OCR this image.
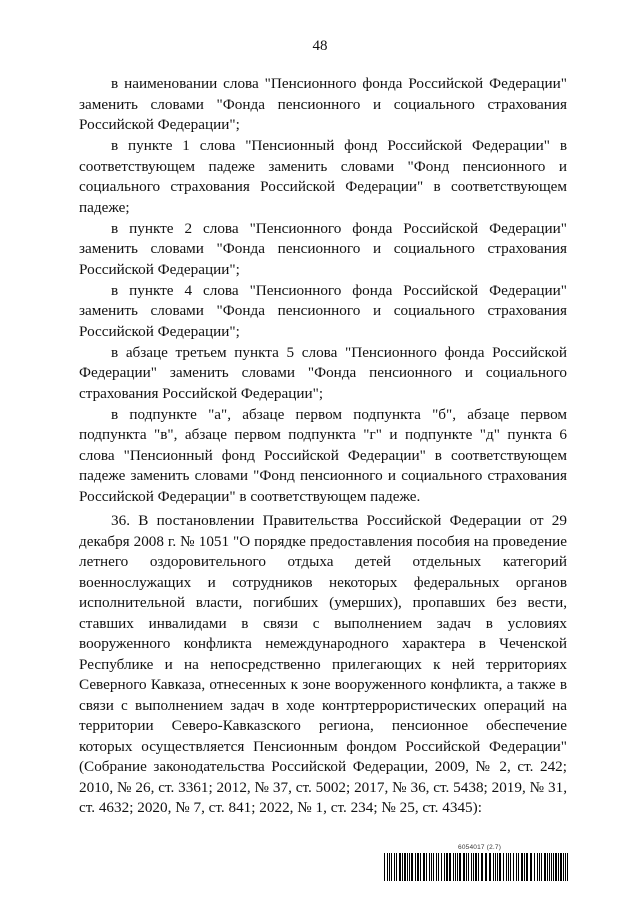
48

в наименовании слова "Пенсионного фонда Российской Федерации" заменить словами "Фонда пенсионного и социального страхования Российской Федерации";

в пункте 1 слова "Пенсионный фонд Российской Федерации" в соответствующем падеже заменить словами "Фонд пенсионного и социального страхования Российской Федерации" в соответствующем падеже;

в пункте 2 слова "Пенсионного фонда Российской Федерации" заменить словами "Фонда пенсионного и социального страхования Российской Федерации";

в пункте 4 слова "Пенсионного фонда Российской Федерации" заменить словами "Фонда пенсионного и социального страхования Российской Федерации";

в абзаце третьем пункта 5 слова "Пенсионного фонда Российской Федерации" заменить словами "Фонда пенсионного и социального страхования Российской Федерации";

в подпункте "а", абзаце первом подпункта "б", абзаце первом подпункта "в", абзаце первом подпункта "г" и подпункте "д" пункта 6 слова "Пенсионный фонд Российской Федерации" в соответствующем падеже заменить словами "Фонд пенсионного и социального страхования Российской Федерации" в соответствующем падеже.

36. В постановлении Правительства Российской Федерации от 29 декабря 2008 г. № 1051 "О порядке предоставления пособия на проведение летнего оздоровительного отдыха детей отдельных категорий военнослужащих и сотрудников некоторых федеральных органов исполнительной власти, погибших (умерших), пропавших без вести, ставших инвалидами в связи с выполнением задач в условиях вооруженного конфликта немеждународного характера в Чеченской Республике и на непосредственно прилегающих к ней территориях Северного Кавказа, отнесенных к зоне вооруженного конфликта, а также в связи с выполнением задач в ходе контртеррористических операций на территории Северо-Кавказского региона, пенсионное обеспечение которых осуществляется Пенсионным фондом Российской Федерации" (Собрание законодательства Российской Федерации, 2009, № 2, ст. 242; 2010, № 26, ст. 3361; 2012, № 37, ст. 5002; 2017, № 36, ст. 5438; 2019, № 31, ст. 4632; 2020, № 7, ст. 841; 2022, № 1, ст. 234; № 25, ст. 4345):

6054017 (2.7)
